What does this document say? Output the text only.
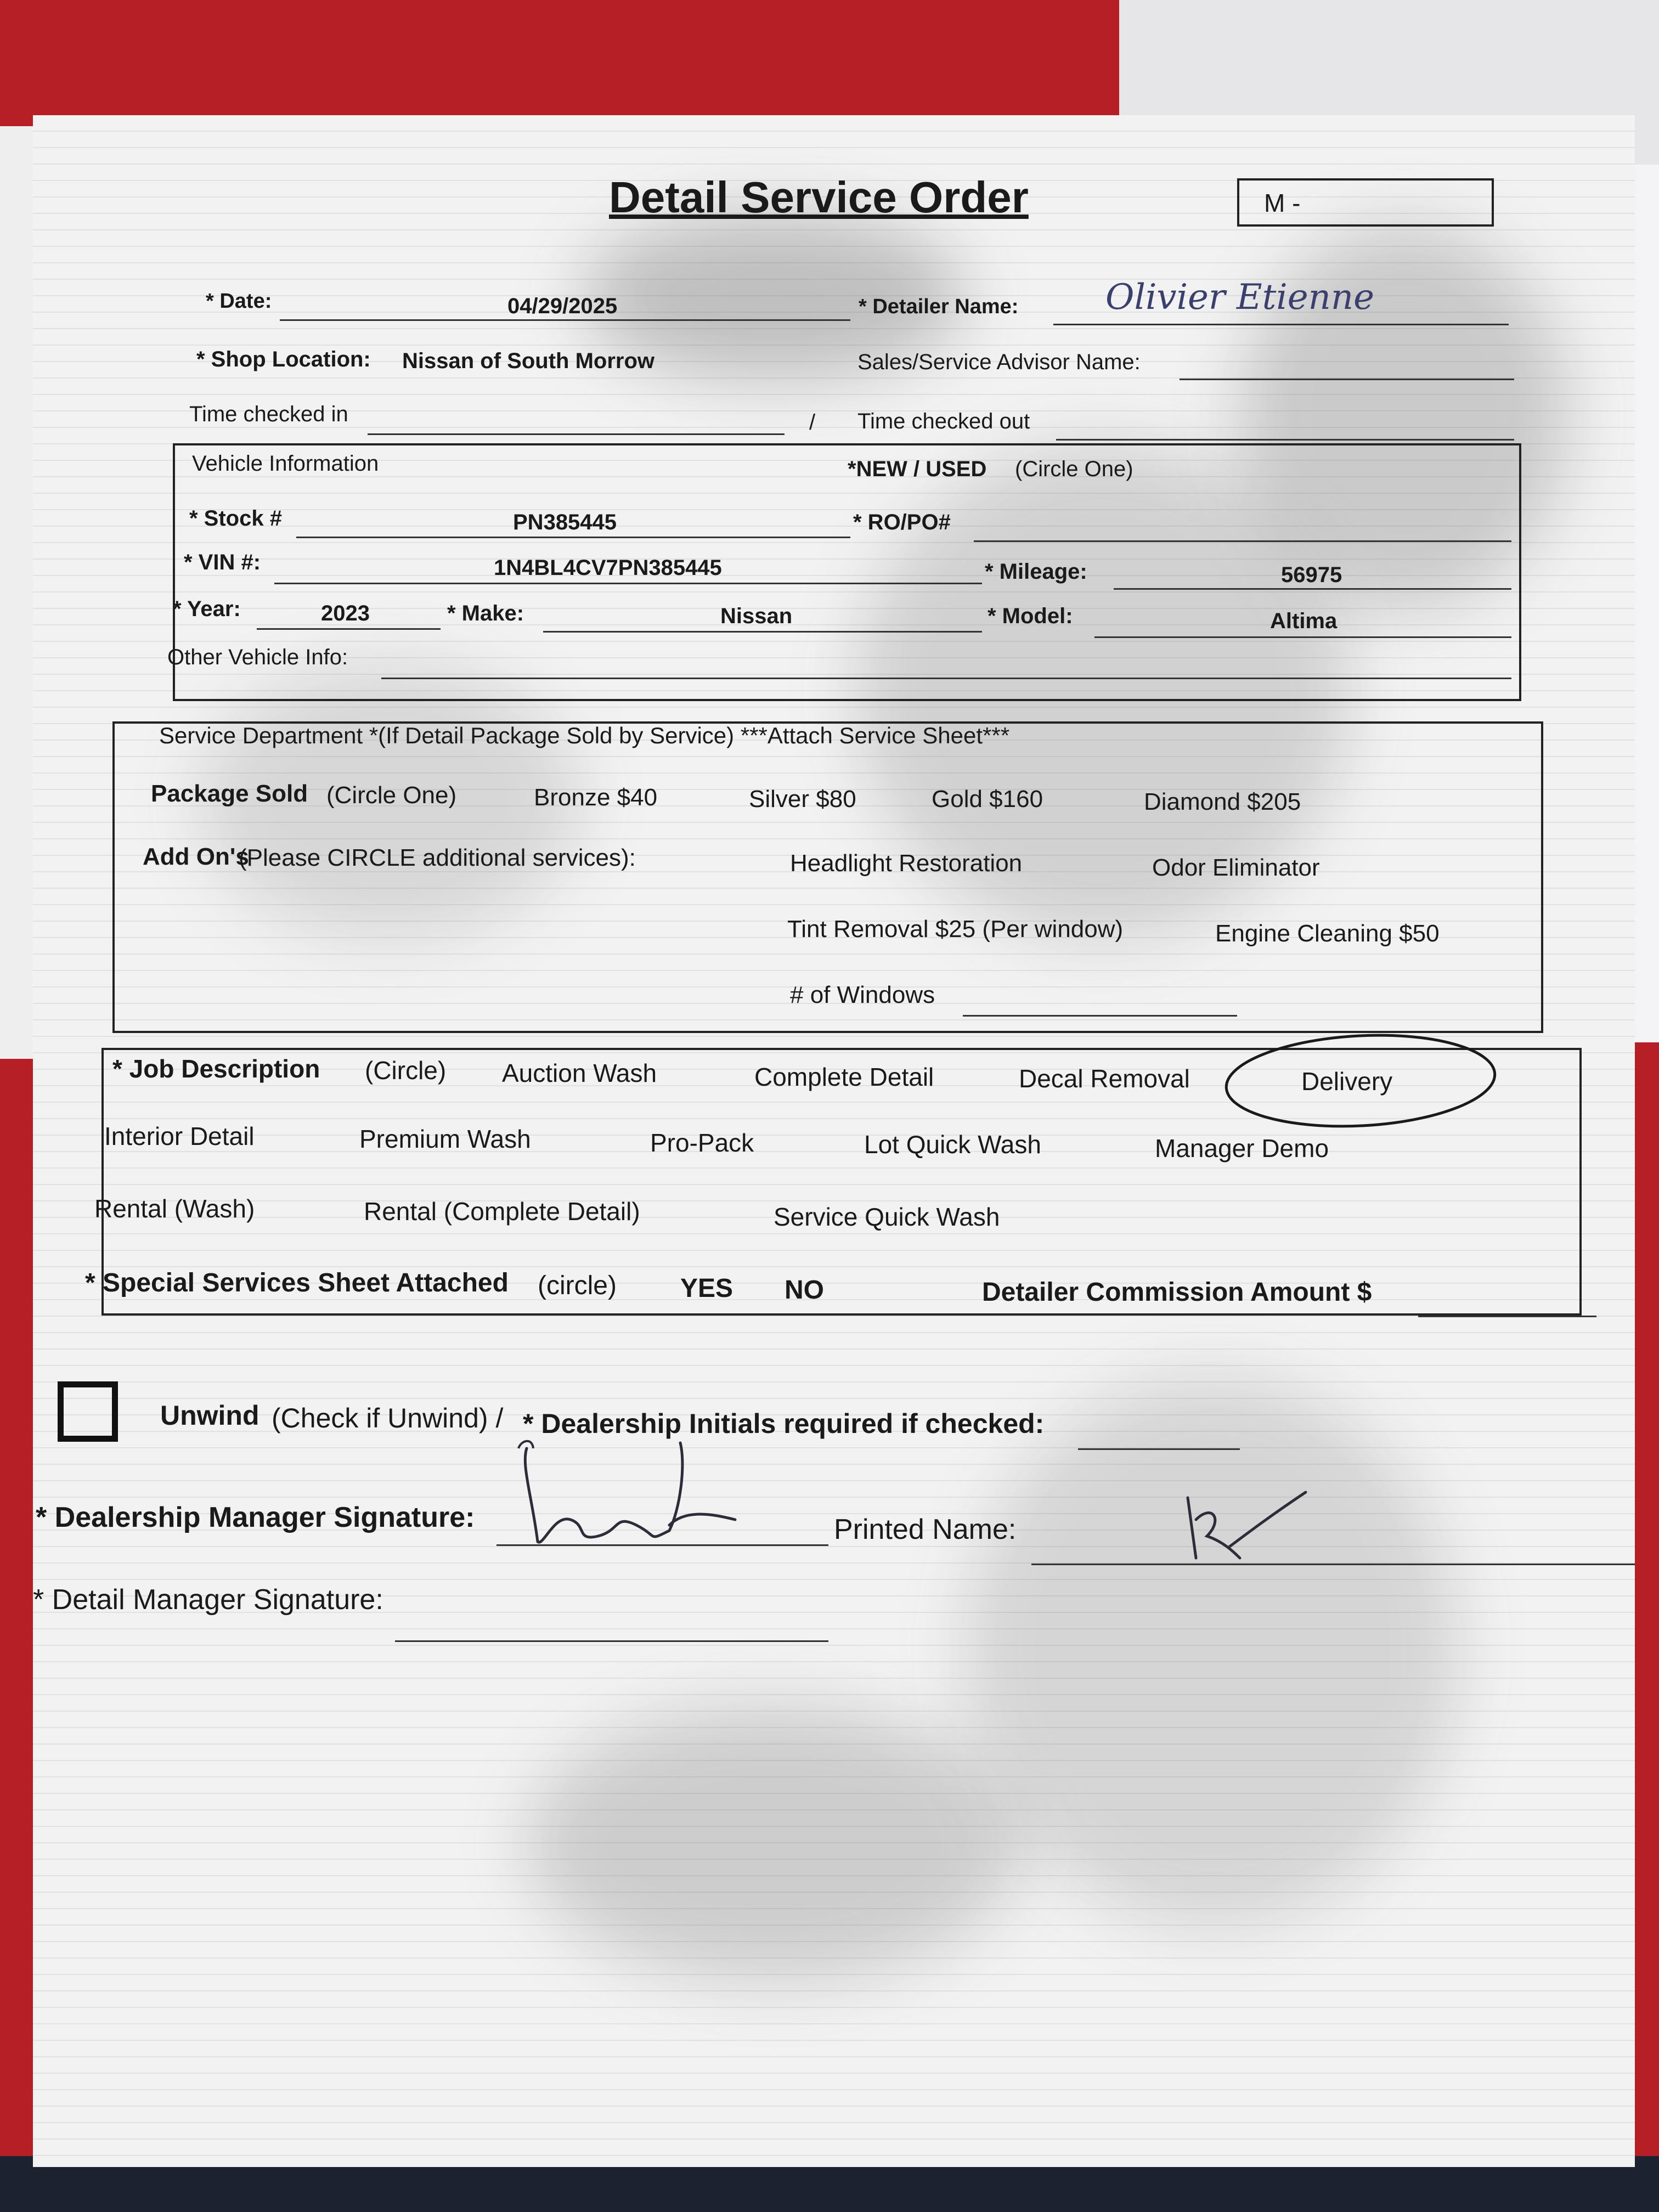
Detail Service Order	M -
* Date:	04/29/2025	* Detailer Name: Olivier Etienne
* Shop Location: Nissan of South Morrow	Sales/Service Advisor Name:
Time checked in	/ Time checked out
Vehicle Information	*NEW / USED (Circle One)
* Stock #	PN385445	* RO/PO#
* VIN #:	1N4BL4CV7PN385445	* Mileage:	56975
* Year:	2023	* Make:	Nissan	* Model:	Altima
Other Vehicle Info:
Service Department *(If Detail Package Sold by Service) ***Attach Service Sheet***
Package Sold (Circle One)	Bronze $40	Silver $80	Gold $160	Diamond $205
Add On's
(Please CIRCLE additional services):	Headlight Restoration	Odor Eliminator
Tint Removal $25 (Per window)	Engine Cleaning $50
# of Windows
* Job Description (Circle) Auction Wash	Complete Detail	Decal Removal	Delivery
Interior Detail	Premium Wash	Pro-Pack	Lot Quick Wash	Manager Demo
Rental (Wash)	Rental (Complete Detail)	Service Quick Wash
* Special Services Sheet Attached (circle) YES NO	Detailer Commission Amount $
Unwind (Check if Unwind) / * Dealership Initials required if checked:
* Dealership Manager Signature:	Printed Name:
* Detail Manager Signature:
